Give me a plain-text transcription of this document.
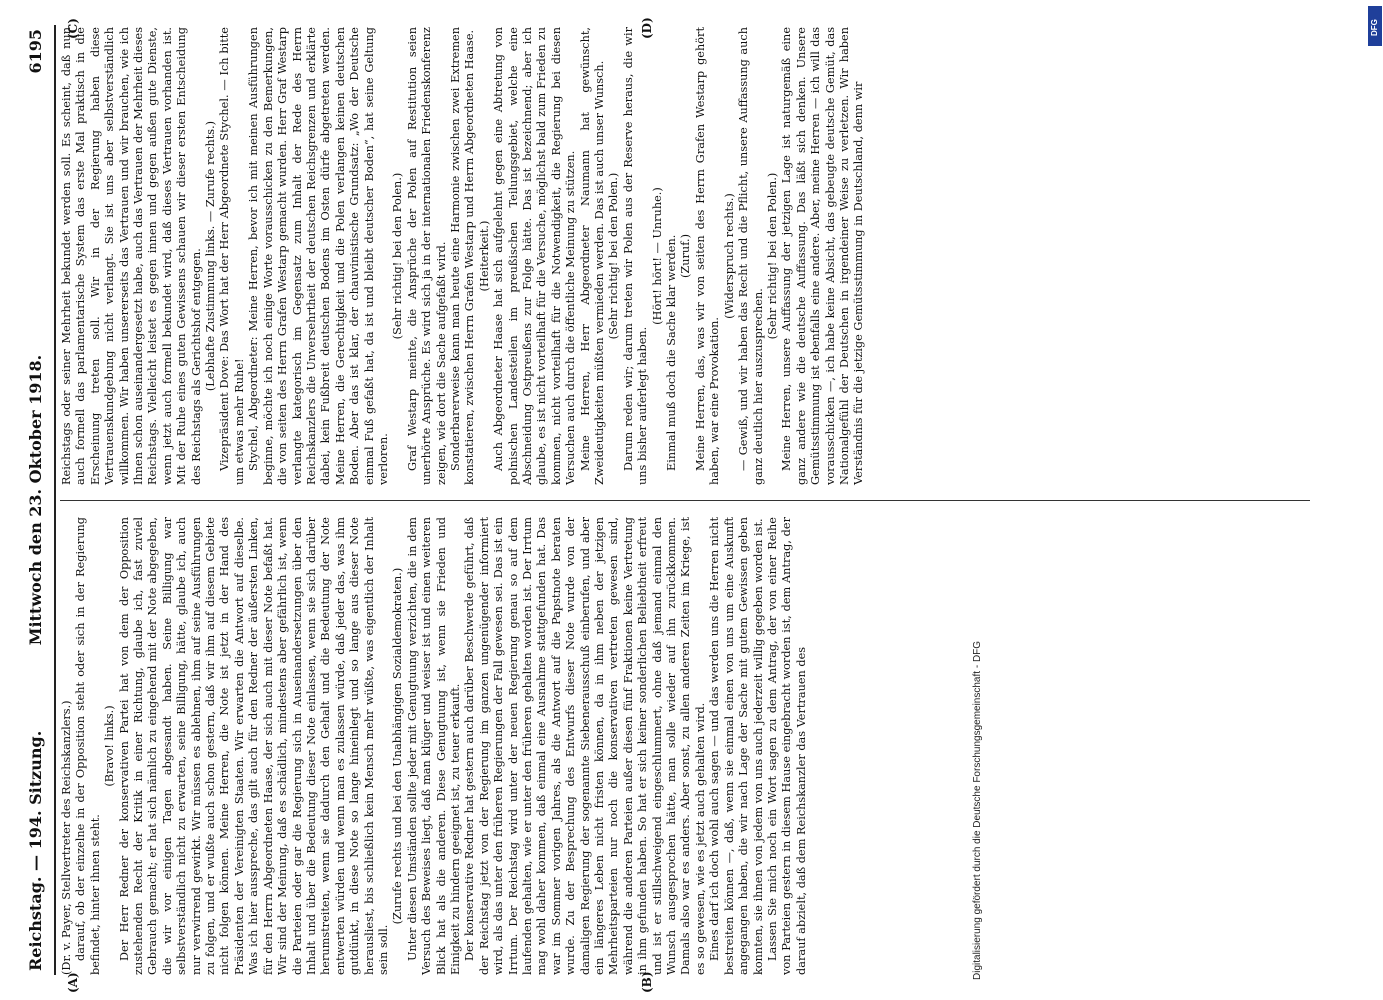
Reichstag. — 194. Sitzung.
Mittwoch den 23. Oktober 1918.
6195

(Dr. v. Payer, Stellvertreter des Reichskanzlers.) darauf, ob der einzelne in der Opposition steht oder sich in der Regierung befindet, hinter ihnen steht.

(Bravo! links.) Der Herr Redner der konservativen Partei hat von dem der Opposition zustehenden Recht der Kritik in einer Richtung, glaube ich, fast zuviel Gebrauch gemacht; er hat sich nämlich zu eingehend mit der Note abgegeben, die wir vor einigen Tagen abgesandt haben. Seine Billigung war selbstverständlich nicht zu erwarten, seine Billigung, hätte, glaube ich, auch nur verwirrend gewirkt. Wir müssen es ablehnen, ihm auf seine Ausführungen zu folgen, und er wußte auch schon gestern, daß wir ihm auf diesem Gebiete nicht folgen können. Meine Herren, die Note ist jetzt in der Hand des Präsidenten der Vereinigten Staaten. Wir erwarten die Antwort auf dieselbe. Was ich hier ausspreche, das gilt auch für den Redner der äußersten Linken, für den Herrn Abgeordneten Haase, der sich auch mit dieser Note befaßt hat. Wir sind der Meinung, daß es schädlich, mindestens aber gefährlich ist, wenn die Parteien oder gar die Regierung sich in Auseinandersetzungen über den Inhalt und über die Bedeutung dieser Note einlassen, wenn sie sich darüber herumstreiten, wenn sie dadurch den Gehalt und die Bedeutung der Note entwerten würden und wenn man es zulassen würde, daß jeder das, was ihm gutdünkt, in diese Note so lange hineinlegt und so lange aus dieser Note herausliest, bis schließlich kein Mensch mehr wüßte, was eigentlich der Inhalt sein soll.

(Zurufe rechts und bei den Unabhängigen Sozialdemokraten.) Unter diesen Umständen sollte jeder mit Genugtuung verzichten, die in dem Versuch des Beweises liegt, daß man klüger und weiser ist und einen weiteren Blick hat als die anderen. Diese Genugtuung ist, wenn sie Frieden und Einigkeit zu hindern geeignet ist, zu teuer erkauft. Der konservative Redner hat gestern auch darüber Beschwerde geführt, daß der Reichstag jetzt von der Regierung im ganzen ungenügender informiert wird, als das unter den früheren Regierungen der Fall gewesen sei. Das ist ein Irrtum. Der Reichstag wird unter der neuen Regierung genau so auf dem laufenden gehalten, wie er unter den früheren gehalten worden ist. Der Irrtum mag wohl daher kommen, daß einmal eine Ausnahme stattgefunden hat. Das war im Sommer vorigen Jahres, als die Antwort auf die Papstnote beraten wurde. Zu der Besprechung des Entwurfs dieser Note wurde von der damaligen Regierung der sogenannte Siebenerausschuß einberufen, und aber ein längeres Leben nicht fristen können, da in ihm neben der jetzigen Mehrheitsparteien nur noch die konservativen vertreten gewesen sind, während die anderen Parteien außer diesen fünf Fraktionen keine Vertretung in ihm gefunden haben. So hat er sich keiner sonderlichen Beliebtheit erfreut und ist er stillschweigend eingeschlummert, ohne daß jemand einmal den Wunsch ausgesprochen hätte, man solle wieder auf ihn zurückkommen. Damals also war es anders. Aber sonst, zu allen anderen Zeiten im Kriege, ist es so gewesen, wie es jetzt auch gehalten wird. Eines darf ich doch wohl auch sagen — und das werden uns die Herren nicht bestreiten können —, daß, wenn sie einmal einen von uns um eine Auskunft angegangen haben, die wir nach Lage der Sache mit gutem Gewissen geben konnten, sie ihnen von jedem von uns auch jederzeit willig gegeben worden ist. Lassen Sie mich noch ein Wort sagen zu dem Antrag, der von einer Reihe von Parteien gestern in diesem Hause eingebracht worden ist, dem Antrag, der darauf abzielt, daß dem Reichskanzler das Vertrauen des

Reichstags oder seiner Mehrheit bekundet werden soll. Es scheint, daß nun auch formell das parlamentarische System das erste Mal praktisch in die Erscheinung treten soll. Wir in der Regierung haben diese Vertrauenskundgebung nicht verlangt. Sie ist uns aber selbstverständlich willkommen. Wir haben unsererseits das Vertrauen und wir brauchen, wie ich Ihnen schon auseinandergesetzt habe, auch das Vertrauen der Mehrheit dieses Reichstags. Vielleicht leistet es gegen innen und gegen außen gute Dienste, wenn jetzt auch formell bekundet wird, daß dieses Vertrauen vorhanden ist. Mit der Ruhe eines guten Gewissens schauen wir dieser ersten Entscheidung des Reichstags als Gerichtshof entgegen. (Lebhafte Zustimmung links. — Zurufe rechts.) Vizepräsident Dove: Das Wort hat der Herr Abgeordnete Stychel. — Ich bitte um etwas mehr Ruhe! Stychel, Abgeordneter: Meine Herren, bevor ich mit meinen Ausführungen beginne, möchte ich noch einige Worte vorausschicken zu den Bemerkungen, die von seiten des Herrn Grafen Westarp gemacht wurden. Herr Graf Westarp verlangte kategorisch im Gegensatz zum Inhalt der Rede des Herrn Reichskanzlers die Unversehrtheit der deutschen Reichsgrenzen und erklärte dabei, kein Fußbreit deutschen Bodens im Osten dürfe abgetreten werden. Meine Herren, die Gerechtigkeit und die Polen verlangen keinen deutschen Boden. Aber das ist klar, der chauvinistische Grundsatz: „Wo der Deutsche einmal Fuß gefaßt hat, da ist und bleibt deutscher Boden“, hat seine Geltung verloren.

(Sehr richtig! bei den Polen.) Graf Westarp meinte, die Ansprüche der Polen auf Restitution seien unerhörte Ansprüche. Es wird sich ja in der internationalen Friedenskonferenz zeigen, wie dort die Sache aufgefaßt wird. Sonderbarerweise kann man heute eine Harmonie zwischen zwei Extremen konstatieren, zwischen Herrn Grafen Westarp und Herrn Abgeordneten Haase. (Heiterkeit.) Auch Abgeordneter Haase hat sich aufgelehnt gegen eine Abtretung von polnischen Landesteilen im preußischen Teilungsgebiet, welche eine Abschneidung Ostpreußens zur Folge hätte. Das ist bezeichnend; aber ich glaube, es ist nicht vorteilhaft für die Versuche, möglichst bald zum Frieden zu kommen, nicht vorteilhaft für die Notwendigkeit, die Regierung bei diesen Versuchen auch durch die öffentliche Meinung zu stützen. Meine Herren, Herr Abgeordneter Naumann hat gewünscht, Zweideutigkeiten müßten vermieden werden. Das ist auch unser Wunsch. (Sehr richtig! bei den Polen.) Darum reden wir; darum treten wir Polen aus der Reserve heraus, die wir uns bisher auferlegt haben.

(Hört! hört! — Unruhe.) Einmal muß doch die Sache klar werden. (Zuruf.) Meine Herren, das, was wir von seiten des Herrn Grafen Westarp gehört haben, war eine Provokation.

(Widerspruch rechts.) — Gewiß, und wir haben das Recht und die Pflicht, unsere Auffassung auch ganz deutlich hier auszusprechen.

(Sehr richtig! bei den Polen.) Meine Herren, unsere Auffassung der jetzigen Lage ist naturgemäß eine ganz andere wie die deutsche Auffassung. Das läßt sich denken. Unsere Gemütsstimmung ist ebenfalls eine andere. Aber, meine Herren — ich will das vorausschicken —, ich habe keine Absicht, das gebeugte deutsche Gemüt, das Nationalgefühl der Deutschen in irgendeiner Weise zu verletzen. Wir haben Verständnis für die jetzige Gemütsstimmung in Deutschland, denn wir

(A)	(B)
(C)	(D)
Digitalisierung gefördert durch die Deutsche Forschungsgemeinschaft - DFG
DFG
